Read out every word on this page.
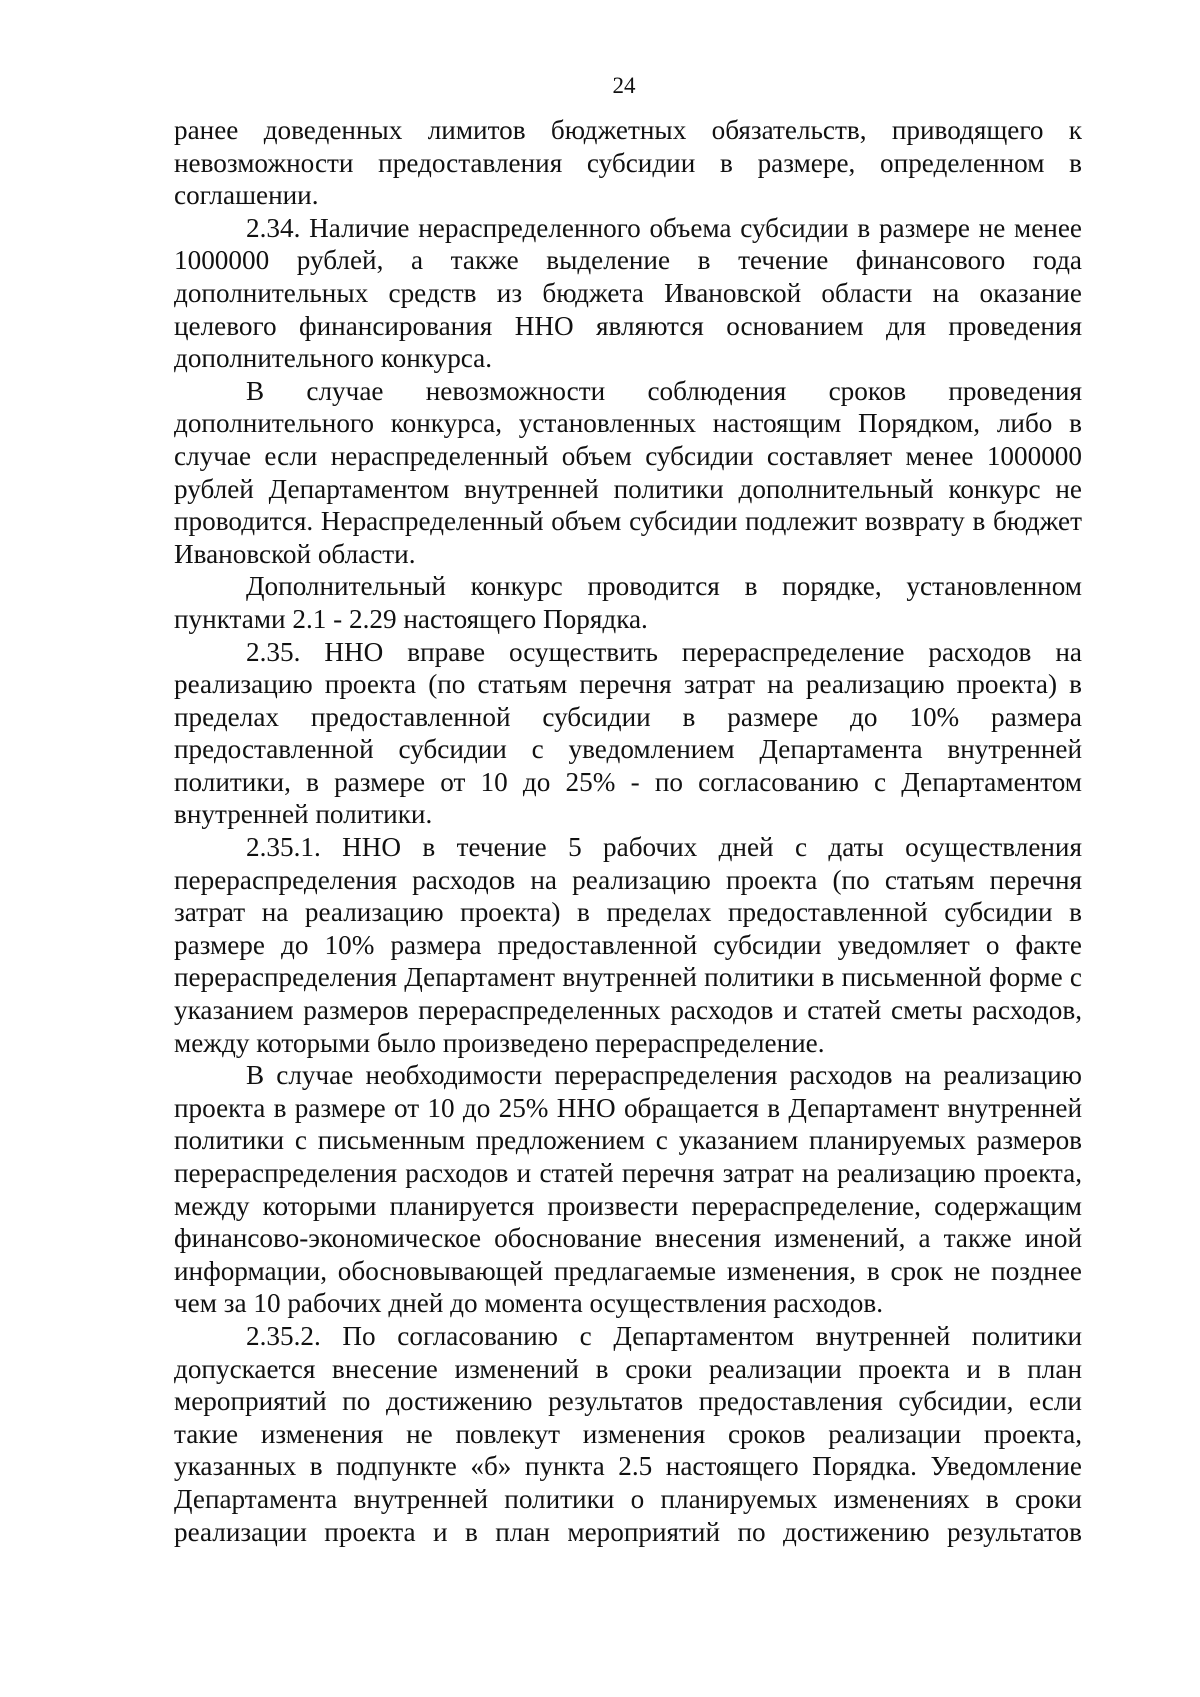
24

ранее доведенных лимитов бюджетных обязательств, приводящего к невозможности предоставления субсидии в размере, определенном в соглашении.

2.34. Наличие нераспределенного объема субсидии в размере не менее 1000000 рублей, а также выделение в течение финансового года дополнительных средств из бюджета Ивановской области на оказание целевого финансирования ННО являются основанием для проведения дополнительного конкурса.

В случае невозможности соблюдения сроков проведения дополнительного конкурса, установленных настоящим Порядком, либо в случае если нераспределенный объем субсидии составляет менее 1000000 рублей Департаментом внутренней политики дополнительный конкурс не проводится. Нераспределенный объем субсидии подлежит возврату в бюджет Ивановской области.

Дополнительный конкурс проводится в порядке, установленном пунктами 2.1 - 2.29 настоящего Порядка.

2.35. ННО вправе осуществить перераспределение расходов на реализацию проекта (по статьям перечня затрат на реализацию проекта) в пределах предоставленной субсидии в размере до 10% размера предоставленной субсидии с уведомлением Департамента внутренней политики, в размере от 10 до 25% - по согласованию с Департаментом внутренней политики.

2.35.1. ННО в течение 5 рабочих дней с даты осуществления перераспределения расходов на реализацию проекта (по статьям перечня затрат на реализацию проекта) в пределах предоставленной субсидии в размере до 10% размера предоставленной субсидии уведомляет о факте перераспределения Департамент внутренней политики в письменной форме с указанием размеров перераспределенных расходов и статей сметы расходов, между которыми было произведено перераспределение.

В случае необходимости перераспределения расходов на реализацию проекта в размере от 10 до 25% ННО обращается в Департамент внутренней политики с письменным предложением с указанием планируемых размеров перераспределения расходов и статей перечня затрат на реализацию проекта, между которыми планируется произвести перераспределение, содержащим финансово-экономическое обоснование внесения изменений, а также иной информации, обосновывающей предлагаемые изменения, в срок не позднее чем за 10 рабочих дней до момента осуществления расходов.

2.35.2. По согласованию с Департаментом внутренней политики допускается внесение изменений в сроки реализации проекта и в план мероприятий по достижению результатов предоставления субсидии, если такие изменения не повлекут изменения сроков реализации проекта, указанных в подпункте «б» пункта 2.5 настоящего Порядка. Уведомление Департамента внутренней политики о планируемых изменениях в сроки реализации проекта и в план мероприятий по достижению результатов
